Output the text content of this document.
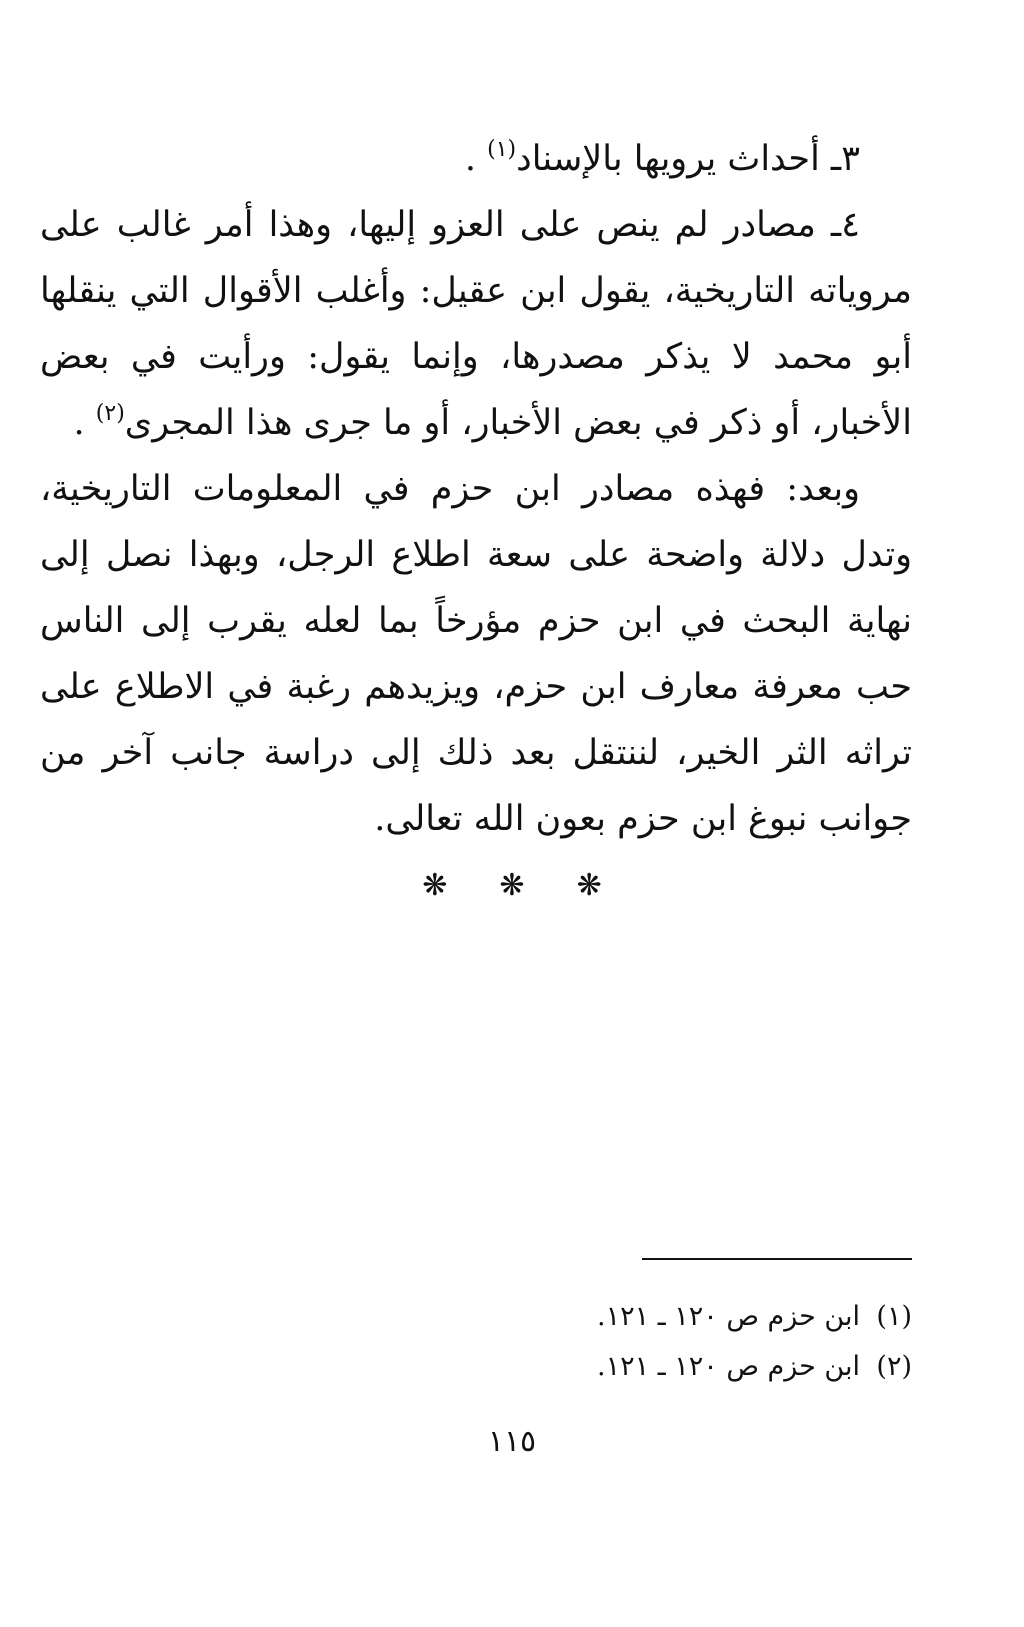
٣ـ أحداث يرويها بالإسناد$^{(١)}$ .

٤ـ مصادر لم ينص على العزو إليها، وهذا أمر غالب على مروياته التاريخية، يقول ابن عقيل: وأغلب الأقوال التي ينقلها أبو محمد لا يذكر مصدرها، وإنما يقول: ورأيت في بعض الأخبار، أو ذكر في بعض الأخبار، أو ما جرى هذا المجرى$^{(٢)}$ .

وبعد: فهذه مصادر ابن حزم في المعلومات التاريخية، وتدل دلالة واضحة على سعة اطلاع الرجل، وبهذا نصل إلى نهاية البحث في ابن حزم مؤرخاً بما لعله يقرب إلى الناس حب معرفة معارف ابن حزم، ويزيدهم رغبة في الاطلاع على تراثه الثر الخير، لننتقل بعد ذلك إلى دراسة جانب آخر من جوانب نبوغ ابن حزم بعون الله تعالى.

❋ ❋ ❋
(١)ابن حزم ص ١٢٠ ـ ١٢١.
(٢)ابن حزم ص ١٢٠ ـ ١٢١.
١١٥
